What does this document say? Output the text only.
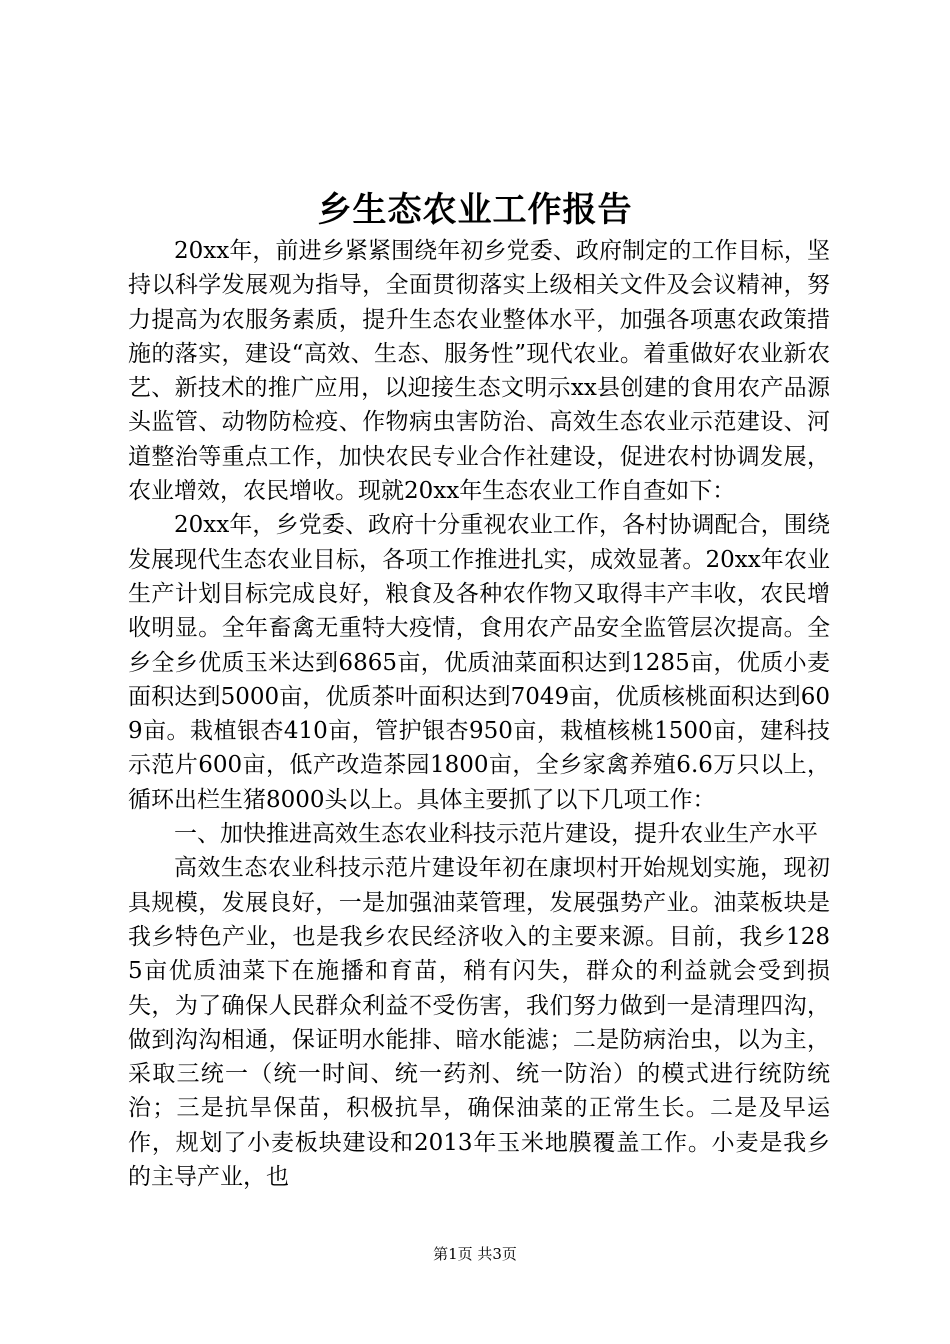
乡生态农业工作报告

20xx年，前进乡紧紧围绕年初乡党委、政府制定的工作目标，坚持以科学发展观为指导，全面贯彻落实上级相关文件及会议精神，努力提高为农服务素质，提升生态农业整体水平，加强各项惠农政策措施的落实，建设“高效、生态、服务性”现代农业。着重做好农业新农艺、新技术的推广应用，以迎接生态文明示xx县创建的食用农产品源头监管、动物防检疫、作物病虫害防治、高效生态农业示范建设、河道整治等重点工作，加快农民专业合作社建设，促进农村协调发展，农业增效，农民增收。现就20xx年生态农业工作自查如下：

20xx年，乡党委、政府十分重视农业工作，各村协调配合，围绕发展现代生态农业目标，各项工作推进扎实，成效显著。20xx年农业生产计划目标完成良好，粮食及各种农作物又取得丰产丰收，农民增收明显。全年畜禽无重特大疫情，食用农产品安全监管层次提高。全乡全乡优质玉米达到6865亩，优质油菜面积达到1285亩，优质小麦面积达到5000亩，优质茶叶面积达到7049亩，优质核桃面积达到609亩。栽植银杏410亩，管护银杏950亩，栽植核桃1500亩，建科技示范片600亩，低产改造茶园1800亩，全乡家禽养殖6.6万只以上，循环出栏生猪8000头以上。具体主要抓了以下几项工作：

一、加快推进高效生态农业科技示范片建设，提升农业生产水平

高效生态农业科技示范片建设年初在康坝村开始规划实施，现初具规模，发展良好，一是加强油菜管理，发展强势产业。油菜板块是我乡特色产业，也是我乡农民经济收入的主要来源。目前，我乡1285亩优质油菜下在施播和育苗，稍有闪失，群众的利益就会受到损失，为了确保人民群众利益不受伤害，我们努力做到一是清理四沟，做到沟沟相通，保证明水能排、暗水能滤；二是防病治虫，以为主，采取三统一（统一时间、统一药剂、统一防治）的模式进行统防统治；三是抗旱保苗，积极抗旱，确保油菜的正常生长。二是及早运作，规划了小麦板块建设和2013年玉米地膜覆盖工作。小麦是我乡的主导产业，也

第1页 共3页
